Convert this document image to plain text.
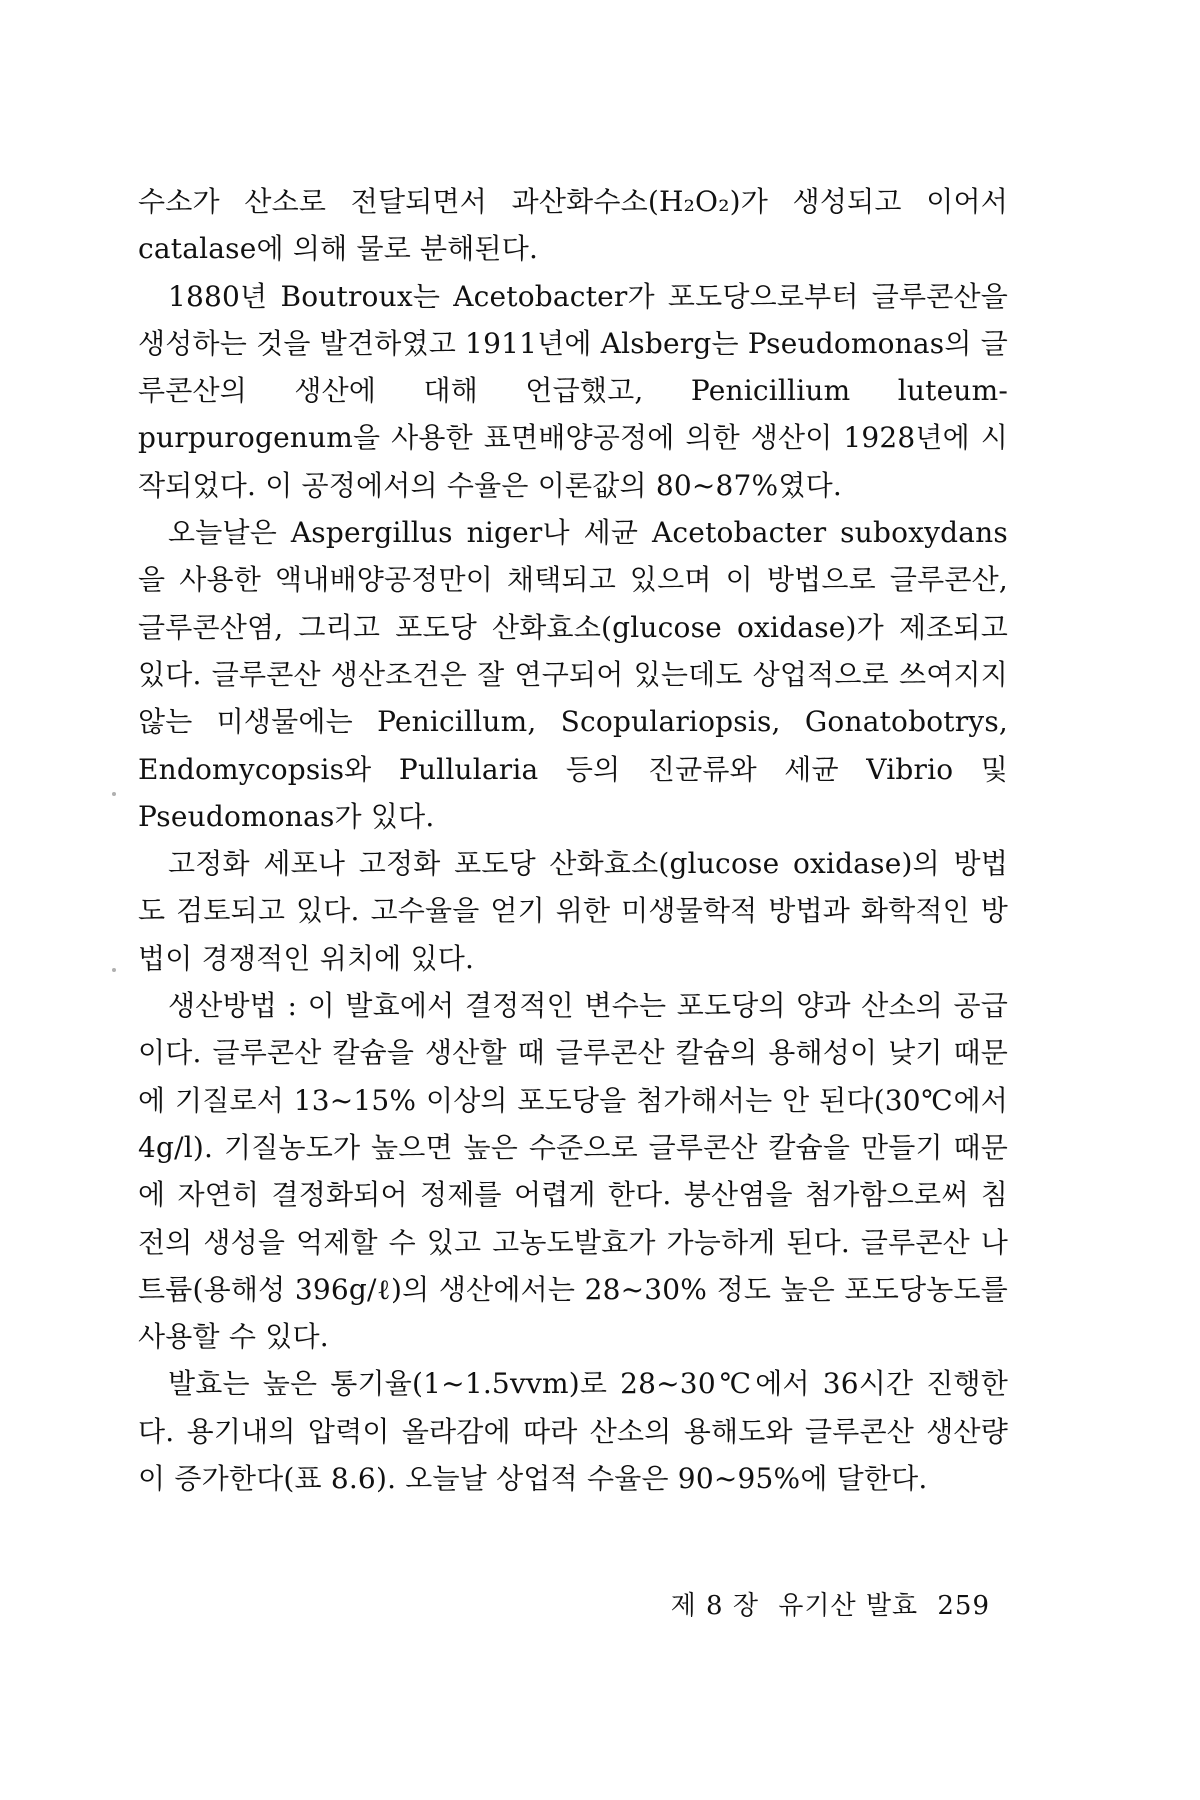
수소가 산소로 전달되면서 과산화수소(H₂O₂)가 생성되고 이어서 catalase에 의해 물로 분해된다.

1880년 Boutroux는 Acetobacter가 포도당으로부터 글루콘산을 생성하는 것을 발견하였고 1911년에 Alsberg는 Pseudomonas의 글루콘산의 생산에 대해 언급했고, Penicillium luteum-purpurogenum을 사용한 표면배양공정에 의한 생산이 1928년에 시작되었다. 이 공정에서의 수율은 이론값의 80~87%였다.

오늘날은 Aspergillus niger나 세균 Acetobacter suboxydans을 사용한 액내배양공정만이 채택되고 있으며 이 방법으로 글루콘산, 글루콘산염, 그리고 포도당 산화효소(glucose oxidase)가 제조되고 있다. 글루콘산 생산조건은 잘 연구되어 있는데도 상업적으로 쓰여지지 않는 미생물에는 Penicillum, Scopulariopsis, Gonatobotrys, Endomycopsis와 Pullularia 등의 진균류와 세균 Vibrio 및 Pseudomonas가 있다.

고정화 세포나 고정화 포도당 산화효소(glucose oxidase)의 방법도 검토되고 있다. 고수율을 얻기 위한 미생물학적 방법과 화학적인 방법이 경쟁적인 위치에 있다.

생산방법 : 이 발효에서 결정적인 변수는 포도당의 양과 산소의 공급이다. 글루콘산 칼슘을 생산할 때 글루콘산 칼슘의 용해성이 낮기 때문에 기질로서 13~15% 이상의 포도당을 첨가해서는 안 된다(30℃에서 4g/l). 기질농도가 높으면 높은 수준으로 글루콘산 칼슘을 만들기 때문에 자연히 결정화되어 정제를 어렵게 한다. 붕산염을 첨가함으로써 침전의 생성을 억제할 수 있고 고농도발효가 가능하게 된다. 글루콘산 나트륨(용해성 396g/ℓ)의 생산에서는 28~30% 정도 높은 포도당농도를 사용할 수 있다.

발효는 높은 통기율(1~1.5vvm)로 28~30℃에서 36시간 진행한다. 용기내의 압력이 올라감에 따라 산소의 용해도와 글루콘산 생산량이 증가한다(표 8.6). 오늘날 상업적 수율은 90~95%에 달한다.

제 8 장 유기산 발효 259
